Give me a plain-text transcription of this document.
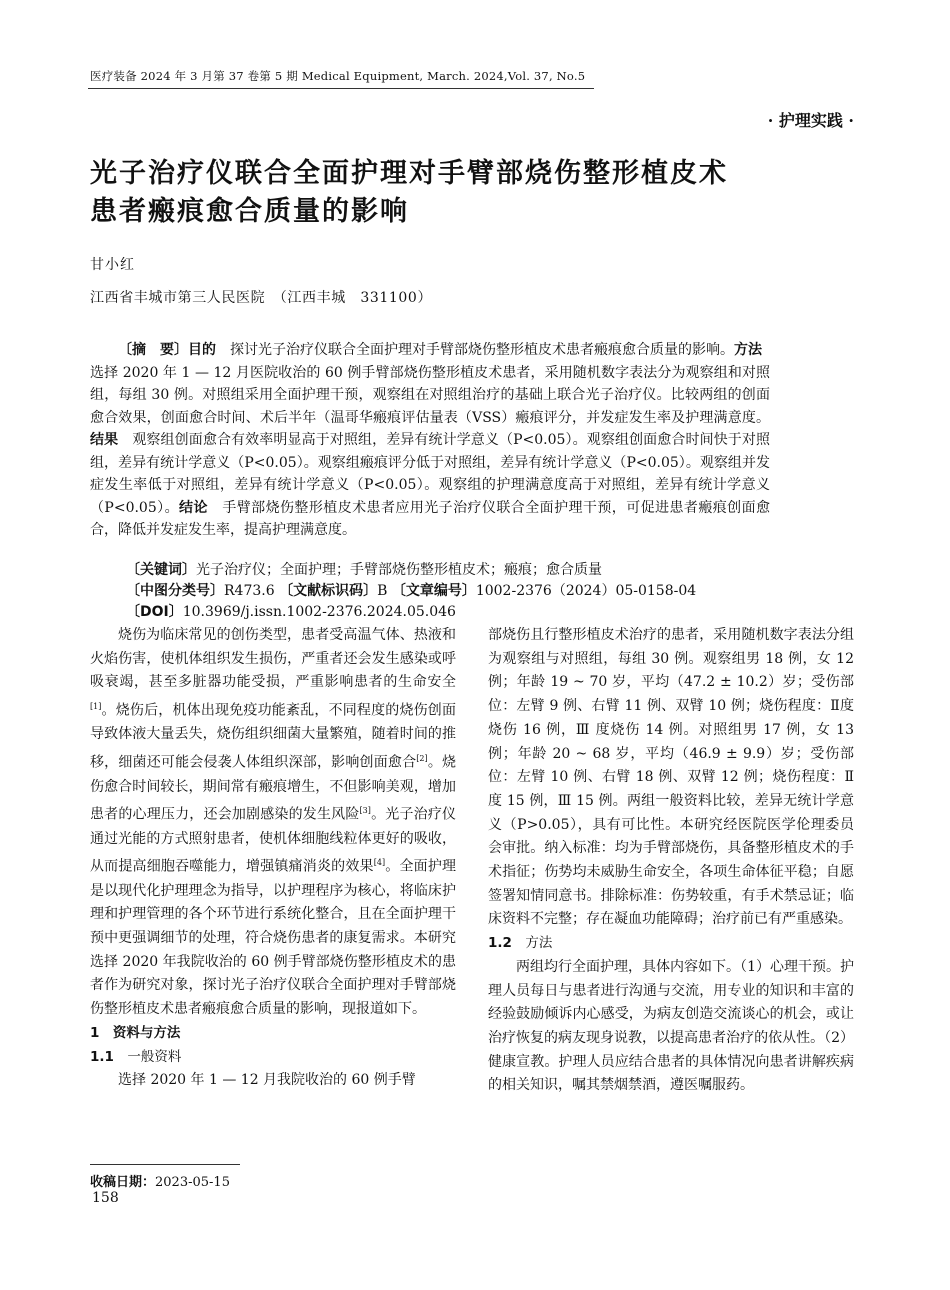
医疗装备 2024 年 3 月第 37 卷第 5 期 Medical Equipment, March. 2024,Vol. 37, No.5
· 护理实践 ·
光子治疗仪联合全面护理对手臂部烧伤整形植皮术
患者瘢痕愈合质量的影响
甘小红
江西省丰城市第三人民医院　（江西丰城　331100）
〔摘　要〕目的　探讨光子治疗仪联合全面护理对手臂部烧伤整形植皮术患者瘢痕愈合质量的影响。方法　选择 2020 年 1 — 12 月医院收治的 60 例手臂部烧伤整形植皮术患者，采用随机数字表法分为观察组和对照组，每组 30 例。对照组采用全面护理干预，观察组在对照组治疗的基础上联合光子治疗仪。比较两组的创面愈合效果，创面愈合时间、术后半年（温哥华瘢痕评估量表（VSS）瘢痕评分，并发症发生率及护理满意度。结果　观察组创面愈合有效率明显高于对照组，差异有统计学意义（P<0.05）。观察组创面愈合时间快于对照组，差异有统计学意义（P<0.05）。观察组瘢痕评分低于对照组，差异有统计学意义（P<0.05）。观察组并发症发生率低于对照组，差异有统计学意义（P<0.05）。观察组的护理满意度高于对照组，差异有统计学意义（P<0.05）。结论　手臂部烧伤整形植皮术患者应用光子治疗仪联合全面护理干预，可促进患者瘢痕创面愈合，降低并发症发生率，提高护理满意度。
〔关键词〕光子治疗仪；全面护理；手臂部烧伤整形植皮术；瘢痕；愈合质量
〔中图分类号〕R473.6 〔文献标识码〕B 〔文章编号〕1002-2376（2024）05-0158-04
〔DOI〕10.3969/j.issn.1002-2376.2024.05.046

烧伤为临床常见的创伤类型，患者受高温气体、热液和火焰伤害，使机体组织发生损伤，严重者还会发生感染或呼吸衰竭，甚至多脏器功能受损，严重影响患者的生命安全[1]。烧伤后，机体出现免疫功能紊乱，不同程度的烧伤创面导致体液大量丢失，烧伤组织细菌大量繁殖，随着时间的推移，细菌还可能会侵袭人体组织深部，影响创面愈合[2]。烧伤愈合时间较长，期间常有瘢痕增生，不但影响美观，增加患者的心理压力，还会加剧感染的发生风险[3]。光子治疗仪通过光能的方式照射患者，使机体细胞线粒体更好的吸收，从而提高细胞吞噬能力，增强镇痛消炎的效果[4]。全面护理是以现代化护理理念为指导，以护理程序为核心，将临床护理和护理管理的各个环节进行系统化整合，且在全面护理干预中更强调细节的处理，符合烧伤患者的康复需求。本研究选择 2020 年我院收治的 60 例手臂部烧伤整形植皮术的患者作为研究对象，探讨光子治疗仪联合全面护理对手臂部烧伤整形植皮术患者瘢痕愈合质量的影响，现报道如下。

1　资料与方法

1.1　一般资料

选择 2020 年 1 — 12 月我院收治的 60 例手臂

部烧伤且行整形植皮术治疗的患者，采用随机数字表法分组为观察组与对照组，每组 30 例。观察组男 18 例，女 12 例；年龄 19 ~ 70 岁，平均（47.2 ± 10.2）岁；受伤部位：左臂 9 例、右臂 11 例、双臂 10 例；烧伤程度：Ⅱ度烧伤 16 例，Ⅲ 度烧伤 14 例。对照组男 17 例，女 13 例；年龄 20 ~ 68 岁，平均（46.9 ± 9.9）岁；受伤部位：左臂 10 例、右臂 18 例、双臂 12 例；烧伤程度：Ⅱ 度 15 例，Ⅲ 15 例。两组一般资料比较，差异无统计学意义（P>0.05），具有可比性。本研究经医院医学伦理委员会审批。纳入标准：均为手臂部烧伤，具备整形植皮术的手术指征；伤势均未威胁生命安全，各项生命体征平稳；自愿签署知情同意书。排除标准：伤势较重，有手术禁忌证；临床资料不完整；存在凝血功能障碍；治疗前已有严重感染。

1.2　方法

两组均行全面护理，具体内容如下。（1）心理干预。护理人员每日与患者进行沟通与交流，用专业的知识和丰富的经验鼓励倾诉内心感受，为病友创造交流谈心的机会，或让治疗恢复的病友现身说教，以提高患者治疗的依从性。（2）健康宣教。护理人员应结合患者的具体情况向患者讲解疾病的相关知识，嘱其禁烟禁酒，遵医嘱服药。

收稿日期：2023-05-15
158
